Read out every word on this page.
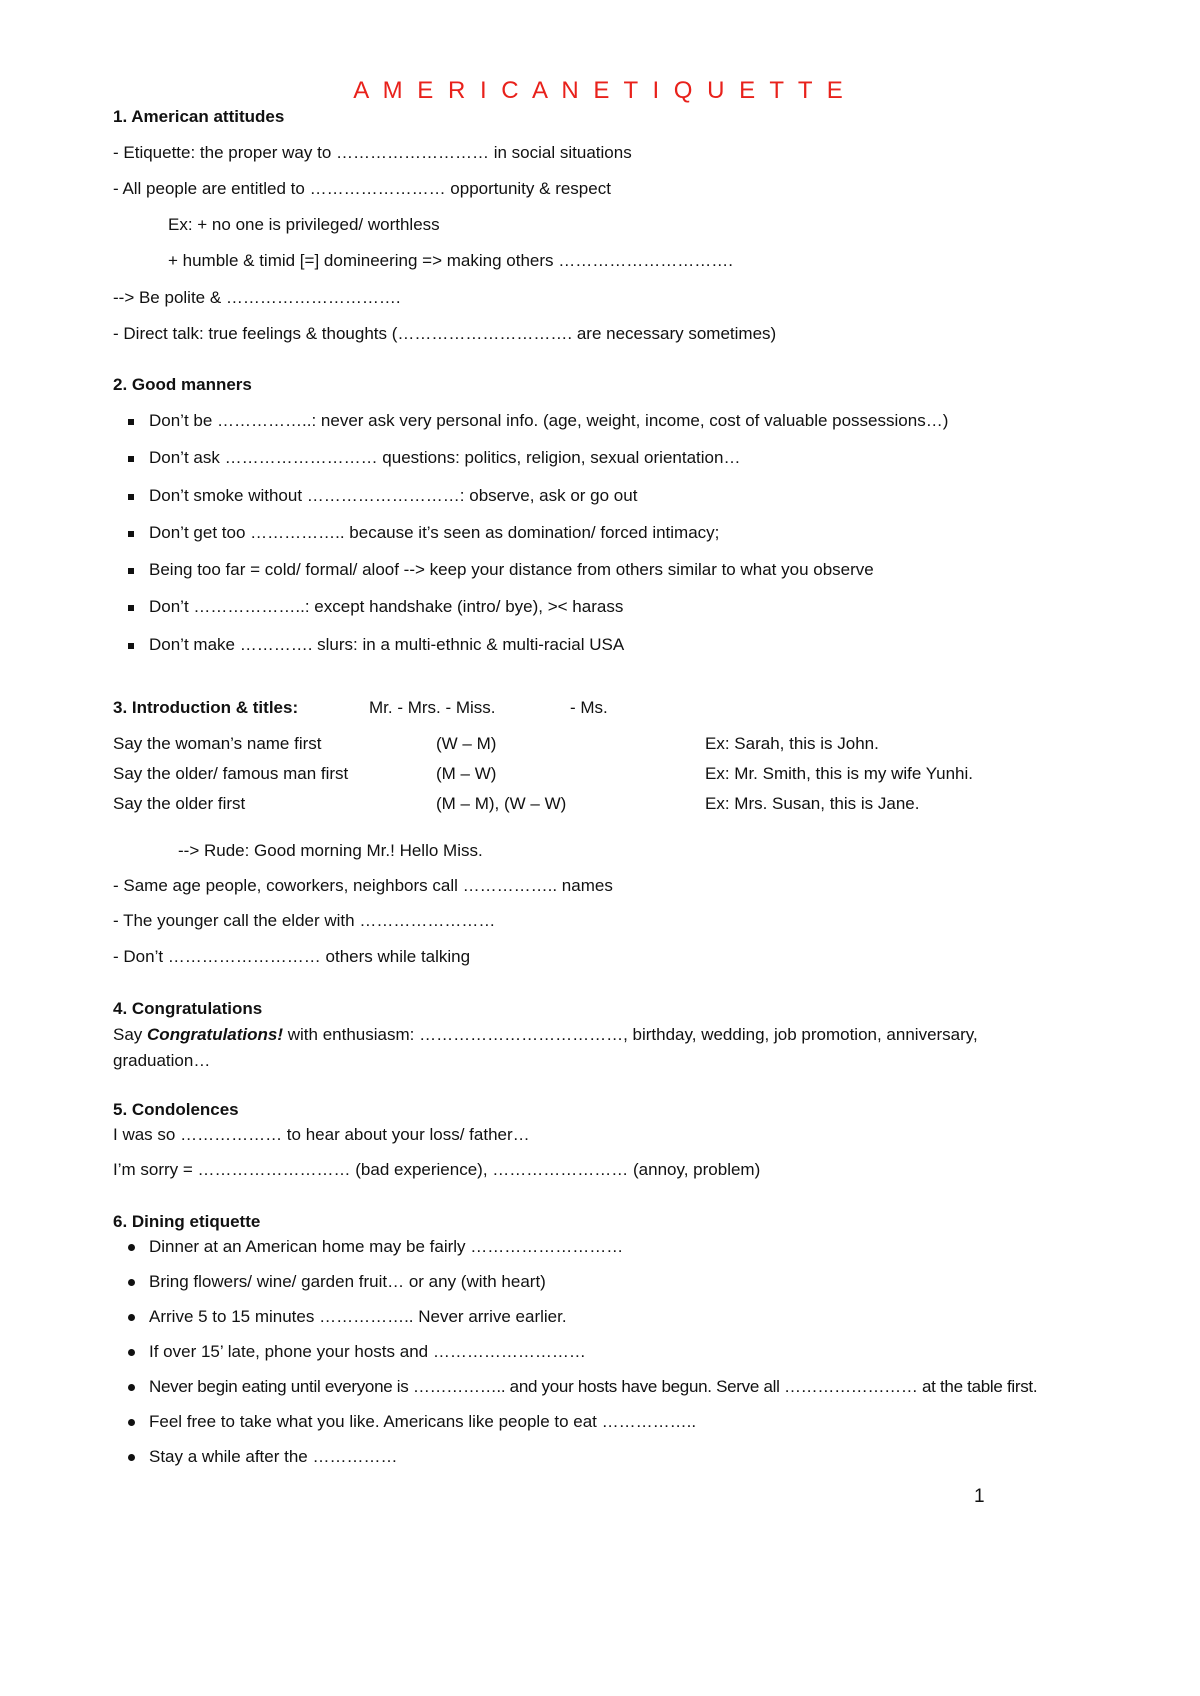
A M E R I C A N E T I Q U E T T E
1. American attitudes
- Etiquette: the proper way to ……………………… in social situations
- All people are entitled to …………………… opportunity & respect
Ex: + no one is privileged/ worthless
+ humble & timid [=] domineering => making others ………………………….
--> Be polite & ………………………….
- Direct talk: true feelings & thoughts (…………………………. are necessary sometimes)
2. Good manners
Don’t be ……………..: never ask very personal info. (age, weight, income, cost of valuable possessions…)
Don’t ask ……………………… questions: politics, religion, sexual orientation…
Don’t smoke without ………………………: observe, ask or go out
Don’t get too …………….. because it’s seen as domination/ forced intimacy;
Being too far = cold/ formal/ aloof --> keep your distance from others similar to what you observe
Don’t ………………..: except handshake (intro/ bye), >< harass
Don’t make …………. slurs: in a multi-ethnic & multi-racial USA
3. Introduction & titles:	Mr. - Mrs. - Miss.	- Ms.
Say the woman’s name first	(W – M)	Ex: Sarah, this is John.
Say the older/ famous man first	(M – W)	Ex: Mr. Smith, this is my wife Yunhi.
Say the older first	(M – M), (W – W)	Ex: Mrs. Susan, this is Jane.
--> Rude: Good morning Mr.! Hello Miss.
- Same age people, coworkers, neighbors call …………….. names
- The younger call the elder with ……………………
- Don’t ……………………… others while talking
4. Congratulations
Say Congratulations! with enthusiasm: ………………………………, birthday, wedding, job promotion, anniversary,
graduation…
5. Condolences
I was so ……………… to hear about your loss/ father…
I’m sorry = ……………………… (bad experience), …………………… (annoy, problem)
6. Dining etiquette
Dinner at an American home may be fairly ………………………
Bring flowers/ wine/ garden fruit… or any (with heart)
Arrive 5 to 15 minutes …………….. Never arrive earlier.
If over 15’ late, phone your hosts and ………………………
Never begin eating until everyone is …………….. and your hosts have begun. Serve all …………………… at the table first.
Feel free to take what you like. Americans like people to eat ……………..
Stay a while after the ……………
1
